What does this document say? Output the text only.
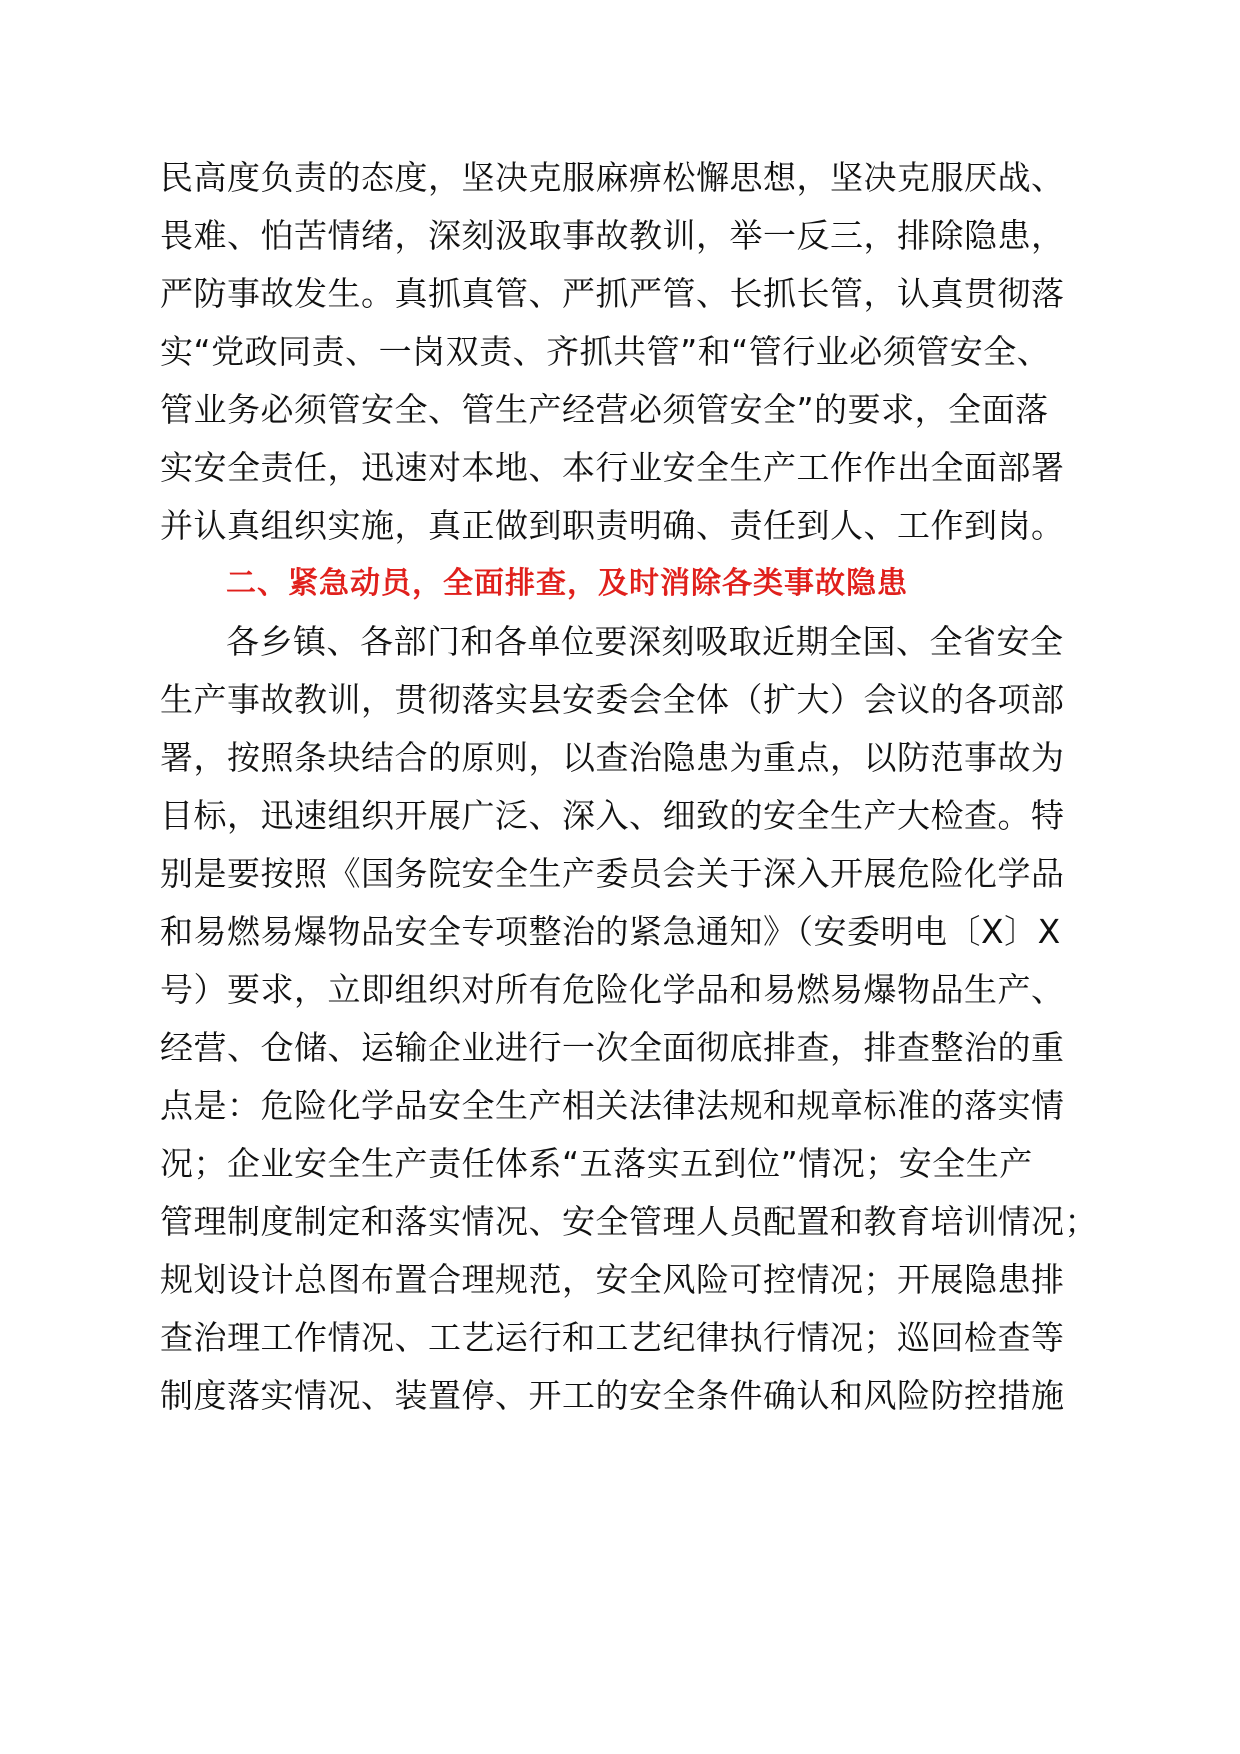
民高度负责的态度，坚决克服麻痹松懈思想，坚决克服厌战、
畏难、怕苦情绪，深刻汲取事故教训，举一反三，排除隐患，
严防事故发生。真抓真管、严抓严管、长抓长管，认真贯彻落
实“党政同责、一岗双责、齐抓共管”和“管行业必须管安全、
管业务必须管安全、管生产经营必须管安全”的要求，全面落
实安全责任，迅速对本地、本行业安全生产工作作出全面部署
并认真组织实施，真正做到职责明确、责任到人、工作到岗。
二、紧急动员，全面排查，及时消除各类事故隐患
各乡镇、各部门和各单位要深刻吸取近期全国、全省安全
生产事故教训，贯彻落实县安委会全体（扩大）会议的各项部
署，按照条块结合的原则，以查治隐患为重点，以防范事故为
目标，迅速组织开展广泛、深入、细致的安全生产大检查。特
别是要按照《国务院安全生产委员会关于深入开展危险化学品
和易燃易爆物品安全专项整治的紧急通知》（安委明电〔X〕X
号）要求，立即组织对所有危险化学品和易燃易爆物品生产、
经营、仓储、运输企业进行一次全面彻底排查，排查整治的重
点是：危险化学品安全生产相关法律法规和规章标准的落实情
况；企业安全生产责任体系“五落实五到位”情况；安全生产
管理制度制定和落实情况、安全管理人员配置和教育培训情况；
规划设计总图布置合理规范，安全风险可控情况；开展隐患排
查治理工作情况、工艺运行和工艺纪律执行情况；巡回检查等
制度落实情况、装置停、开工的安全条件确认和风险防控措施
